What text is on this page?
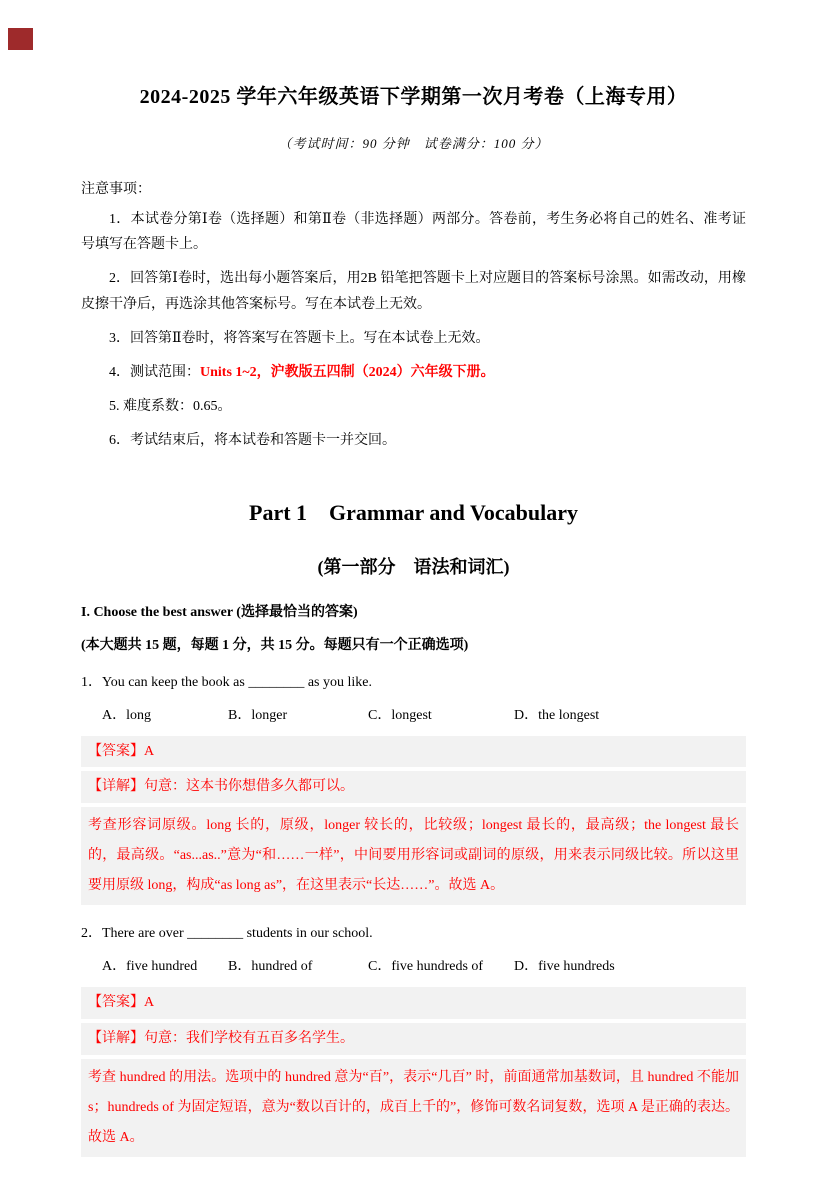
2024-2025 学年六年级英语下学期第一次月考卷（上海专用）
（考试时间：90 分钟　试卷满分：100 分）
注意事项：

1．本试卷分第Ⅰ卷（选择题）和第Ⅱ卷（非选择题）两部分。答卷前，考生务必将自己的姓名、准考证号填写在答题卡上。

2．回答第Ⅰ卷时，选出每小题答案后，用2B 铅笔把答题卡上对应题目的答案标号涂黑。如需改动，用橡皮擦干净后，再选涂其他答案标号。写在本试卷上无效。

3．回答第Ⅱ卷时，将答案写在答题卡上。写在本试卷上无效。

4．测试范围：Units 1~2，沪教版五四制（2024）六年级下册。

5. 难度系数：0.65。

6．考试结束后，将本试卷和答题卡一并交回。

Part 1    Grammar and Vocabulary
(第一部分　语法和词汇)
I. Choose the best answer (选择最恰当的答案)
(本大题共 15 题，每题 1 分，共 15 分。每题只有一个正确选项)

1．You can keep the book as ________ as you like.

A．long	B．longer	C．longest	D．the longest
【答案】A
【详解】句意：这本书你想借多久都可以。
考查形容词原级。long 长的，原级，longer 较长的，比较级；longest 最长的，最高级；the longest 最长的，最高级。“as...as..”意为“和……一样”，中间要用形容词或副词的原级，用来表示同级比较。所以这里要用原级 long，构成“as long as”，在这里表示“长达……”。故选 A。

2．There are over ________ students in our school.

A．five hundred	B．hundred of	C．five hundreds of	D．five hundreds
【答案】A
【详解】句意：我们学校有五百多名学生。
考查 hundred 的用法。选项中的 hundred 意为“百”，表示“几百” 时，前面通常加基数词，且 hundred 不能加 s；hundreds of 为固定短语，意为“数以百计的，成百上千的”，修饰可数名词复数，选项 A 是正确的表达。故选 A。
